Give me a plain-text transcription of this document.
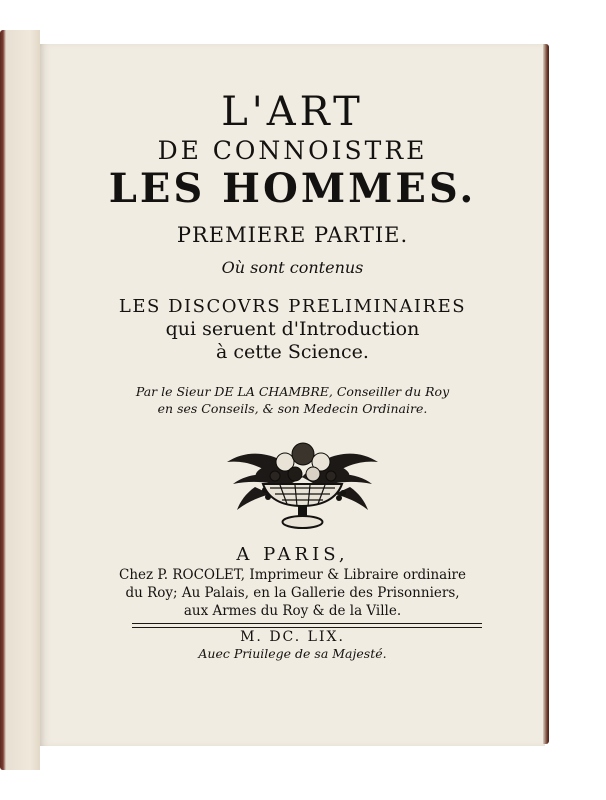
L'ART

DE CONNOISTRE

LES HOMMES.

PREMIERE PARTIE.

Où sont contenus

LES DISCOVRS PRELIMINAIRES

qui seruent d'Introduction

à cette Science.

Par le Sieur DE LA CHAMBRE, Conseiller du Roy

en ses Conseils, & son Medecin Ordinaire.

A PARIS,

Chez P. ROCOLET, Imprimeur & Libraire ordinaire

du Roy; Au Palais, en la Gallerie des Prisonniers,

aux Armes du Roy & de la Ville.

M. DC. LIX.

Auec Priuilege de sa Majesté.
